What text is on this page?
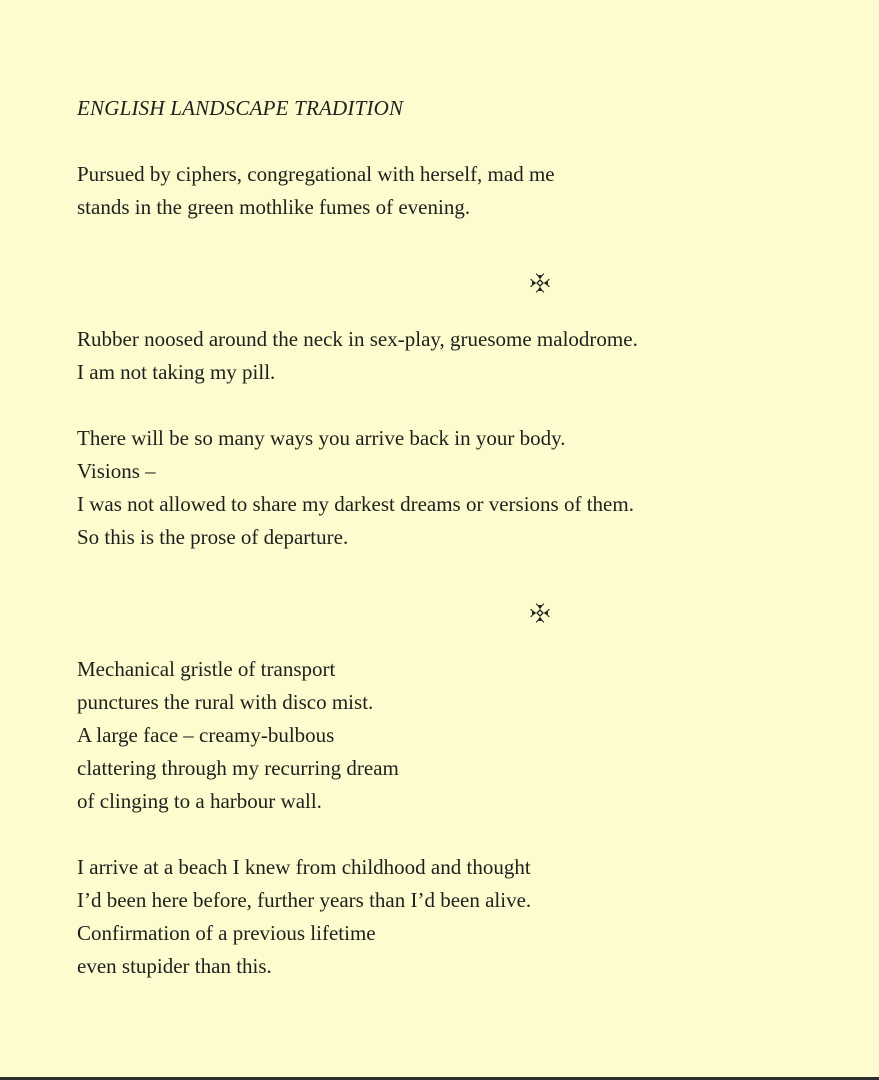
ENGLISH LANDSCAPE TRADITION
Pursued by ciphers, congregational with herself, mad me
stands in the green mothlike fumes of evening.
Rubber noosed around the neck in sex-play, gruesome malodrome.
I am not taking my pill.
There will be so many ways you arrive back in your body.
Visions –
I was not allowed to share my darkest dreams or versions of them.
So this is the prose of departure.
Mechanical gristle of transport
punctures the rural with disco mist.
A large face – creamy-bulbous
clattering through my recurring dream
of clinging to a harbour wall.
I arrive at a beach I knew from childhood and thought
I’d been here before, further years than I’d been alive.
Confirmation of a previous lifetime
even stupider than this.
